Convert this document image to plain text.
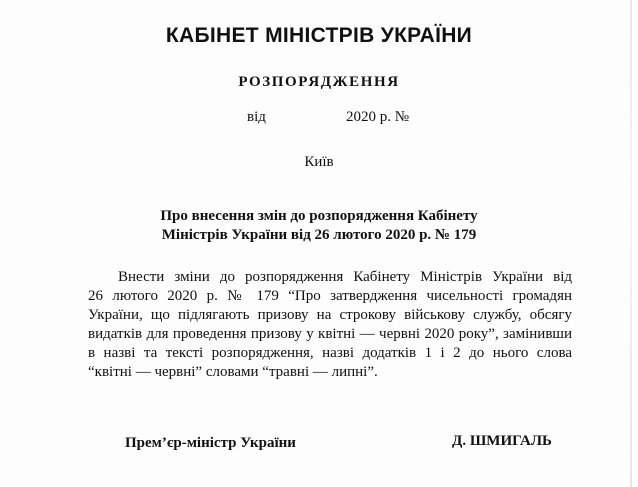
КАБІНЕТ МІНІСТРІВ УКРАЇНИ
РОЗПОРЯДЖЕННЯ
від	2020 р. №
Київ
Про внесення змін до розпорядження Кабінету
Міністрів України від 26 лютого 2020 р. № 179
Внести зміни до розпорядження Кабінету Міністрів України від
26 лютого 2020 р. № 179 “Про затвердження чисельності громадян
України, що підлягають призову на строкову військову службу, обсягу
видатків для проведення призову у квітні — червні 2020 року”, замінивши
в назві та тексті розпорядження, назві додатків 1 і 2 до нього слова
“квітні — червні” словами “травні — липні”.
Прем’єр-міністр України	Д. ШМИГАЛЬ
